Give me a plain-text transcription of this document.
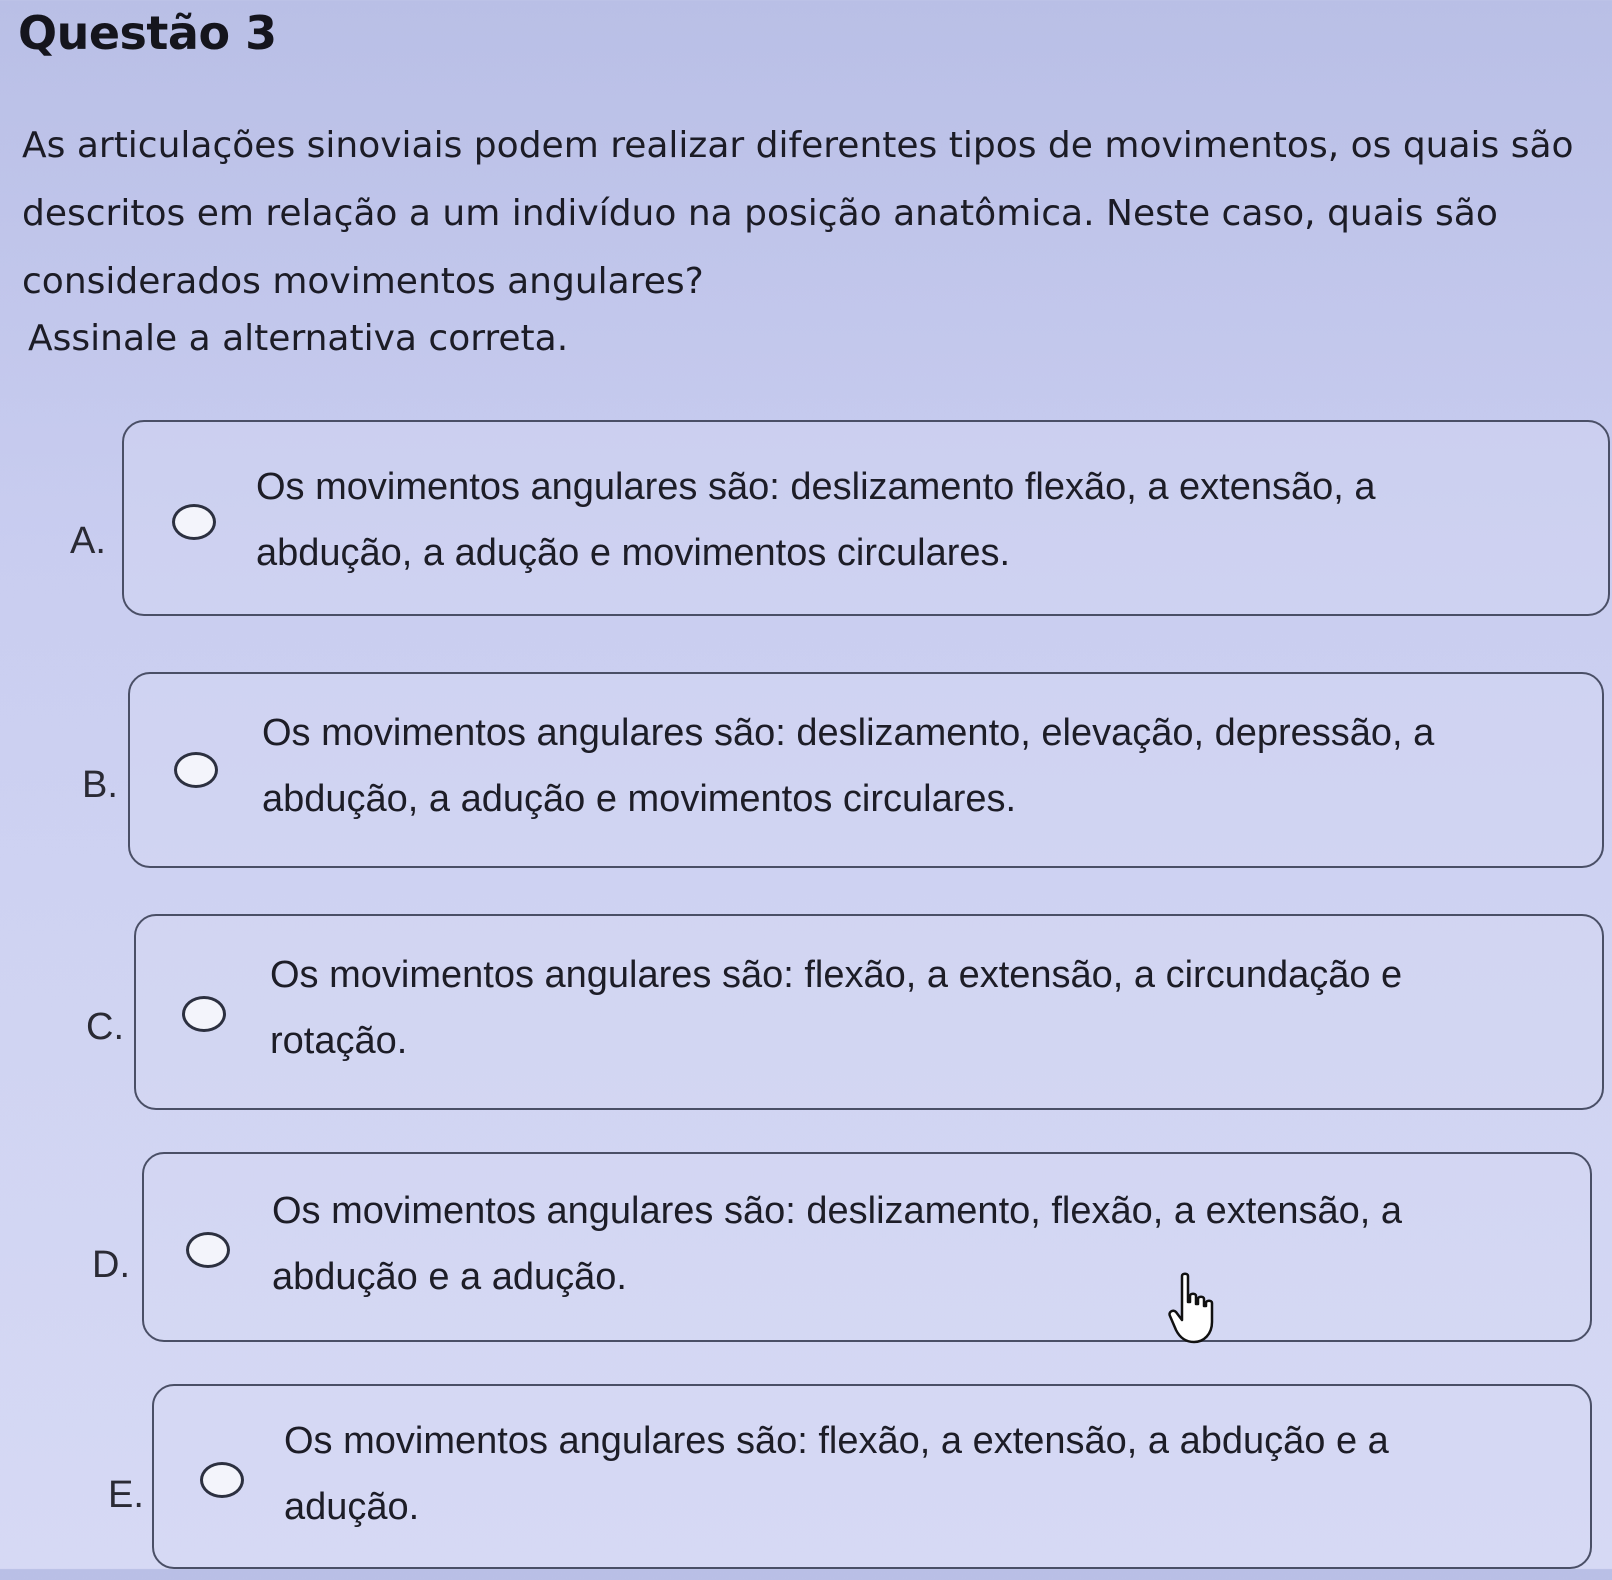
Questão 3

As articulações sinoviais podem realizar diferentes tipos de movimentos, os quais são descritos em relação a um indivíduo na posição anatômica. Neste caso, quais são considerados movimentos angulares?

Assinale a alternativa correta.

A.

Os movimentos angulares são: deslizamento flexão, a extensão, a abdução, a adução e movimentos circulares.

B.

Os movimentos angulares são: deslizamento, elevação, depressão, a abdução, a adução e movimentos circulares.

C.

Os movimentos angulares são: flexão, a extensão, a circundação e rotação.

D.

Os movimentos angulares são: deslizamento, flexão, a extensão, a abdução e a adução.

E.

Os movimentos angulares são: flexão, a extensão, a abdução e a adução.
